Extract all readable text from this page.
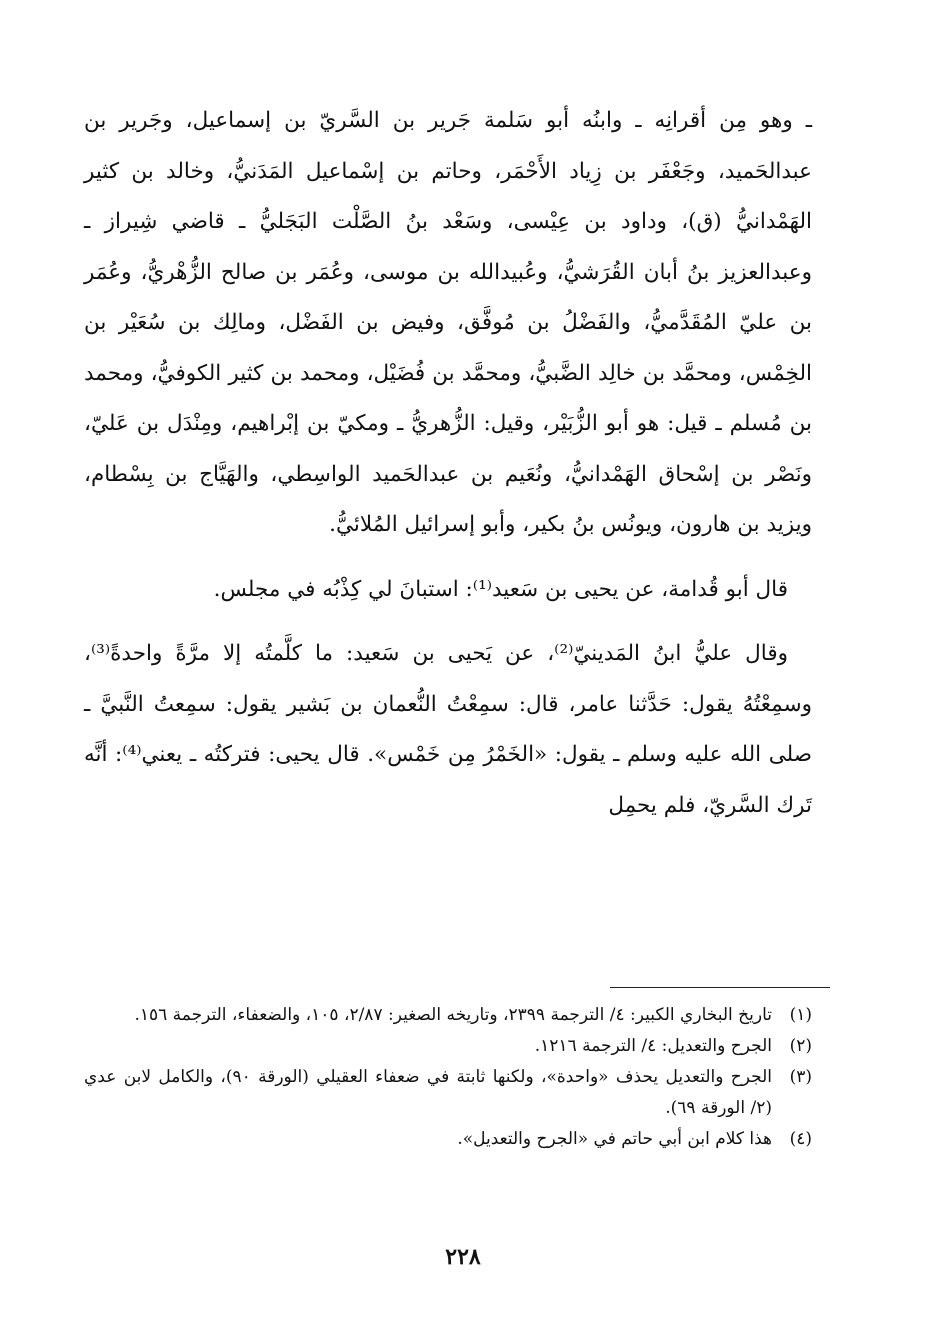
ـ وهو مِن أقرانِه ـ وابنُه أبو سَلمة جَرير بن السَّريّ بن إسماعيل، وجَرير بن عبدالحَميد، وجَعْفَر بن زِياد الأَحْمَر، وحاتم بن إسْماعيل المَدَنيُّ، وخالد بن كثير الهَمْدانيُّ (ق)، وداود بن عِيْسى، وسَعْد بنُ الصَّلْت البَجَليُّ ـ قاضي شِيراز ـ وعبدالعزيز بنُ أبان القُرَشيُّ، وعُبيدالله بن موسى، وعُمَر بن صالح الزُّهْريُّ، وعُمَر بن عليّ المُقَدَّميُّ، والفَضْلُ بن مُوفَّق، وفيض بن الفَضْل، ومالِك بن سُعَيْر بن الخِمْس، ومحمَّد بن خالِد الضَّبيُّ، ومحمَّد بن فُضَيْل، ومحمد بن كثير الكوفيُّ، ومحمد بن مُسلم ـ قيل: هو أبو الزُّبَيْر، وقيل: الزُّهريُّ ـ ومكيّ بن إبْراهيم، ومِنْدَل بن عَليّ، ونَصْر بن إسْحاق الهَمْدانيُّ، ونُعَيم بن عبدالحَميد الواسِطي، والهَيَّاج بن بِسْطام، ويزيد بن هارون، ويونُس بنُ بكير، وأبو إسرائيل المُلائيُّ.

قال أبو قُدامة، عن يحيى بن سَعيد⁽¹⁾: استبانَ لي كِذْبُه في مجلس.

وقال عليُّ ابنُ المَدينيّ⁽²⁾، عن يَحيى بن سَعيد: ما كلَّمتُه إلا مرَّةً واحدةً⁽³⁾، وسمِعْتُهُ يقول: حَدَّثنا عامر، قال: سمِعْتُ النُّعمان بن بَشير يقول: سمِعتُ النَّبيَّ ـ صلى الله عليه وسلم ـ يقول: «الخَمْرُ مِن خَمْس». قال يحيى: فتركتُه ـ يعني⁽⁴⁾: أنَّه تَرك السَّريّ، فلم يحمِل

(١)
تاريخ البخاري الكبير: ٤/ الترجمة ٢٣٩٩، وتاريخه الصغير: ٢/٨٧، ١٠٥، والضعفاء، الترجمة ١٥٦.
(٢)
الجرح والتعديل: ٤/ الترجمة ١٢١٦.
(٣)
الجرح والتعديل يحذف «واحدة»، ولكنها ثابتة في ضعفاء العقيلي (الورقة ٩٠)، والكامل لابن عدي (٢/ الورقة ٦٩).
(٤)
هذا كلام ابن أبي حاتم في «الجرح والتعديل».
٢٢٨
